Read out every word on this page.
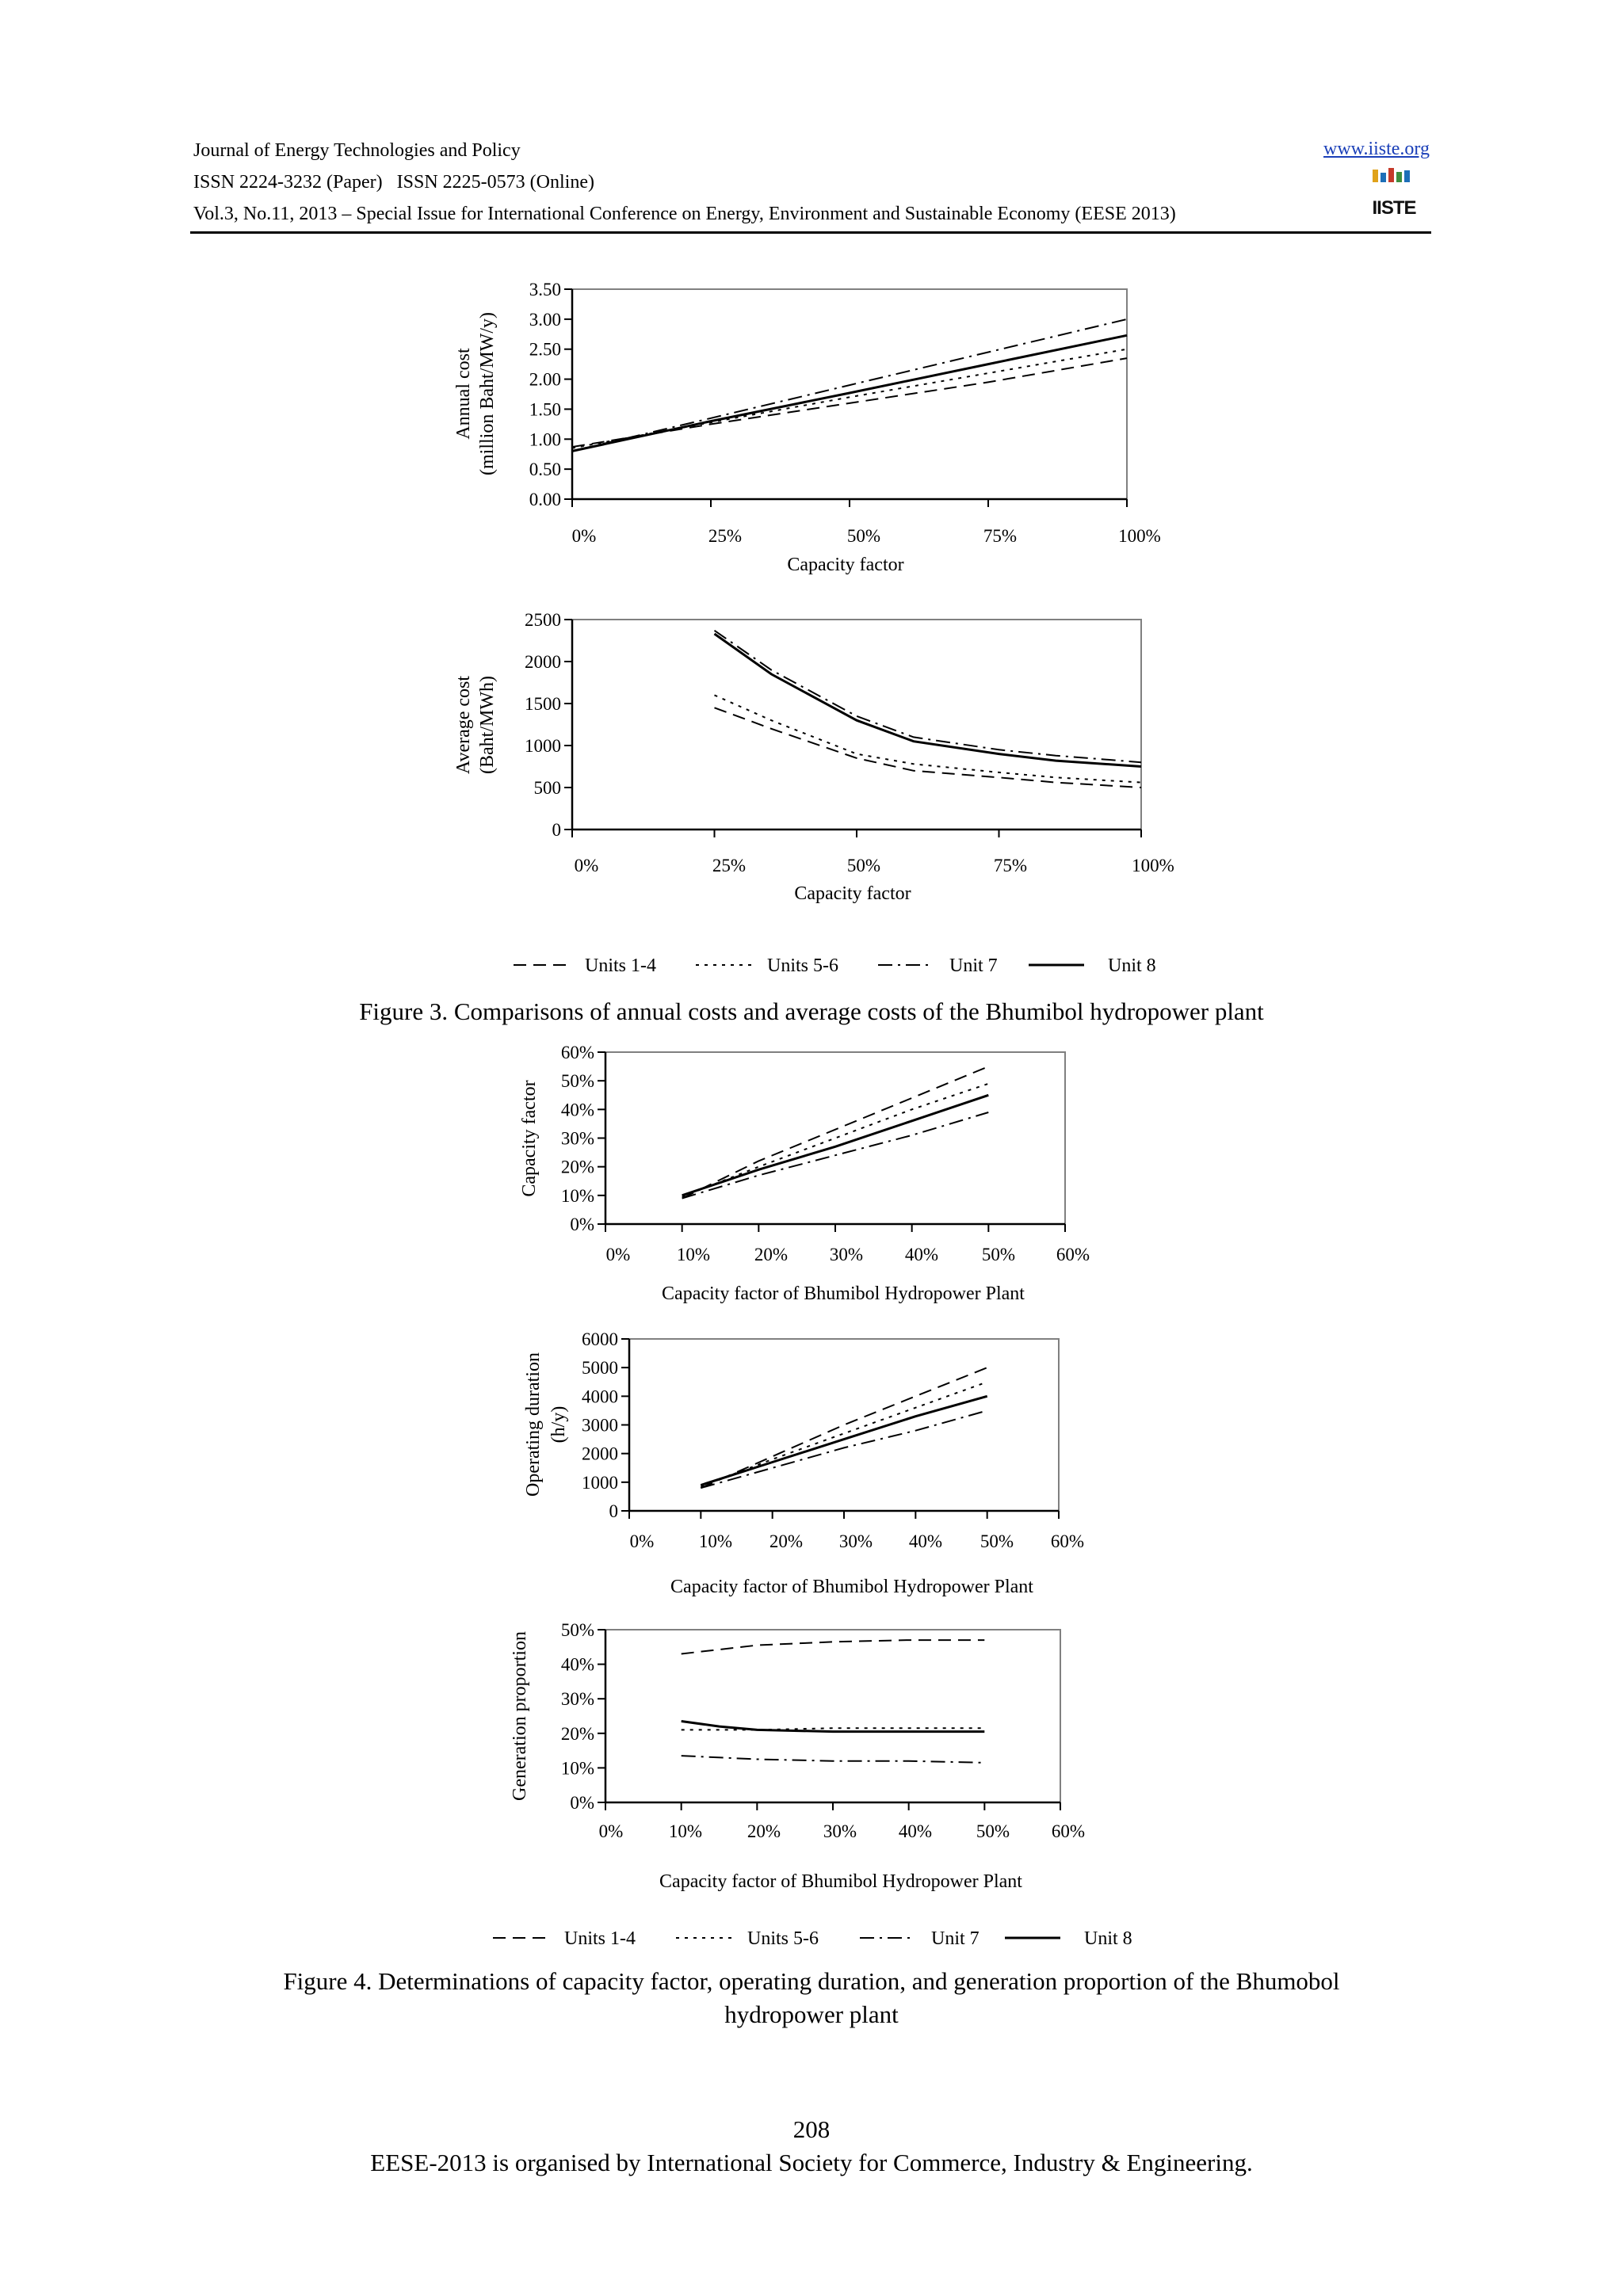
Journal of Energy Technologies and Policy
ISSN 2224-3232 (Paper)   ISSN 2225-0573 (Online)
Vol.3, No.11, 2013 – Special Issue for International Conference on Energy, Environment and Sustainable Economy (EESE 2013)
www.iiste.org
IISTE
0.00
0.50
1.00
1.50
2.00
2.50
3.00
3.50
0%	25%	50%	75%	100%
Capacity factor
Annual cost (million Baht/MW/y)
0
500
1000
1500
2000
2500
0%	25%	50%	75%	100%
Capacity factor
Average cost (Baht/MWh)
0%
10%
20%
30%
40%
50%
60%
0%	10% 20% 30% 40% 50% 60%
Capacity factor of Bhumibol Hydropower Plant
Capacity factor
0
1000
2000
3000
4000
5000
6000
0% 10% 20% 30% 40% 50% 60%
Capacity factor of Bhumibol Hydropower Plant
Operating duration (h/y)
0%
10%
20%
30%
40%
50%
0%	10% 20% 30% 40% 50% 60%
Capacity factor of Bhumibol Hydropower Plant
Generation proportion
Units 1-4	Units 5-6	Unit 7	Unit 8
Units 1-4	Units 5-6	Unit 7	Unit 8
Figure 3. Comparisons of annual costs and average costs of the Bhumibol hydropower plant
Figure 4. Determinations of capacity factor, operating duration, and generation proportion of the Bhumobol
hydropower plant
208
EESE-2013 is organised by International Society for Commerce, Industry & Engineering.
